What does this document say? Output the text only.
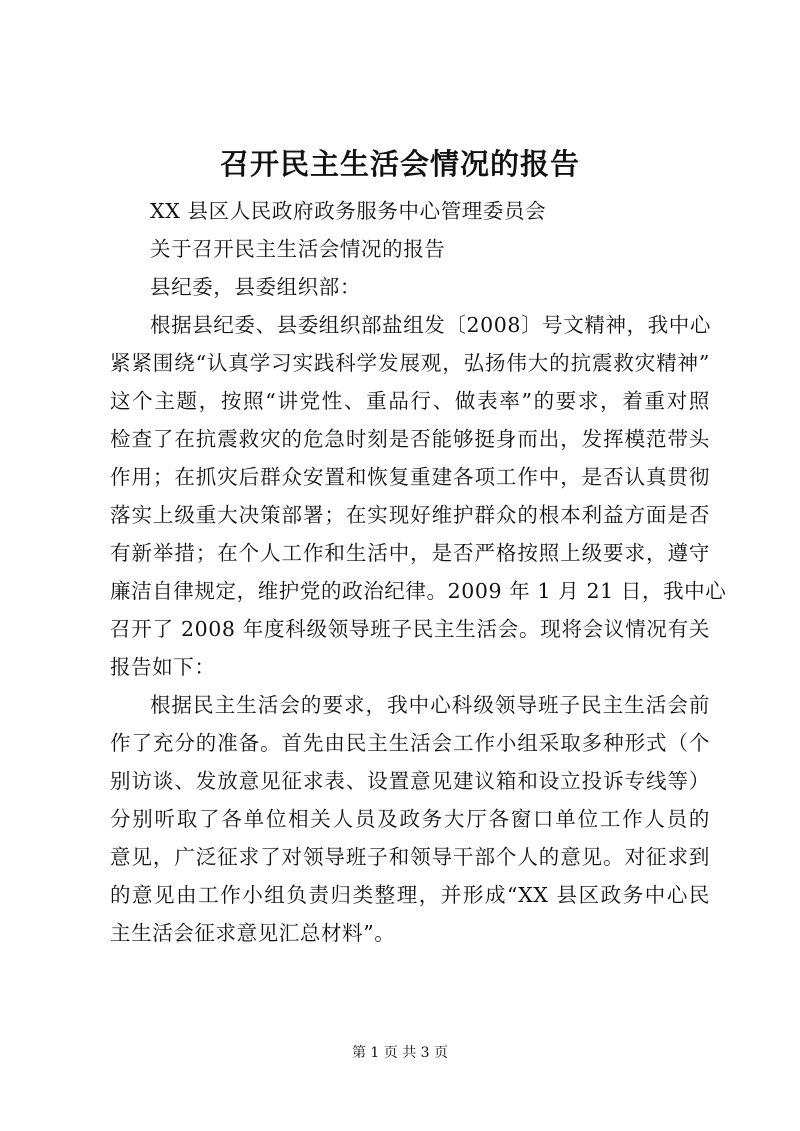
召开民主生活会情况的报告
XX 县区人民政府政务服务中心管理委员会
关于召开民主生活会情况的报告
县纪委，县委组织部：
根据县纪委、县委组织部盐组发〔2008〕号文精神，我中心
紧紧围绕“认真学习实践科学发展观，弘扬伟大的抗震救灾精神”
这个主题，按照“讲党性、重品行、做表率”的要求，着重对照
检查了在抗震救灾的危急时刻是否能够挺身而出，发挥模范带头
作用；在抓灾后群众安置和恢复重建各项工作中，是否认真贯彻
落实上级重大决策部署；在实现好维护群众的根本利益方面是否
有新举措；在个人工作和生活中，是否严格按照上级要求，遵守
廉洁自律规定，维护党的政治纪律。2009 年 1 月 21 日，我中心
召开了 2008 年度科级领导班子民主生活会。现将会议情况有关
报告如下：
根据民主生活会的要求，我中心科级领导班子民主生活会前
作了充分的准备。首先由民主生活会工作小组采取多种形式（个
别访谈、发放意见征求表、设置意见建议箱和设立投诉专线等）
分别听取了各单位相关人员及政务大厅各窗口单位工作人员的
意见，广泛征求了对领导班子和领导干部个人的意见。对征求到
的意见由工作小组负责归类整理，并形成“XX 县区政务中心民
主生活会征求意见汇总材料”。
第 1 页 共 3 页
